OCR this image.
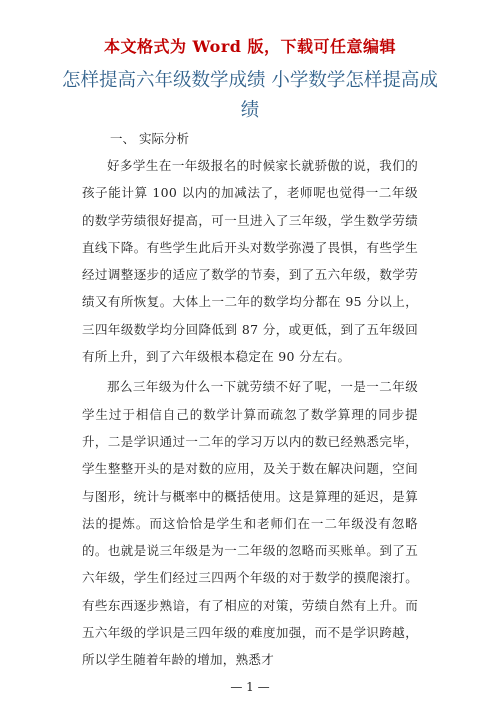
本文格式为 Word 版，下载可任意编辑
怎样提高六年级数学成绩 小学数学怎样提高成绩
一、 实际分析

好多学生在一年级报名的时候家长就骄傲的说，我们的孩子能计算 100 以内的加减法了，老师呢也觉得一二年级的数学劳绩很好提高，可一旦进入了三年级，学生数学劳绩直线下降。有些学生此后开头对数学弥漫了畏惧，有些学生经过调整逐步的适应了数学的节奏，到了五六年级，数学劳绩又有所恢复。大体上一二年的数学均分都在 95 分以上，三四年级数学均分回降低到 87 分，或更低，到了五年级回有所上升，到了六年级根本稳定在 90 分左右。

那么三年级为什么一下就劳绩不好了呢，一是一二年级学生过于相信自己的数学计算而疏忽了数学算理的同步提升，二是学识通过一二年的学习万以内的数已经熟悉完毕，学生整整开头的是对数的应用，及关于数在解决问题，空间与图形，统计与概率中的概括使用。这是算理的延迟，是算法的提炼。而这恰恰是学生和老师们在一二年级没有忽略的。也就是说三年级是为一二年级的忽略而买账单。到了五六年级，学生们经过三四两个年级的对于数学的摸爬滚打。有些东西逐步熟谙，有了相应的对策，劳绩自然有上升。而五六年级的学识是三四年级的难度加强，而不是学识跨越，所以学生随着年龄的增加，熟悉才

— 1 —
